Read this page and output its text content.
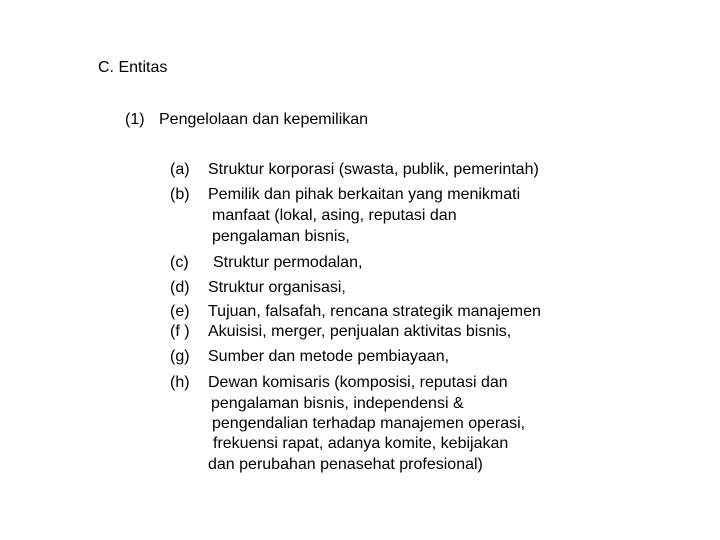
C. Entitas
(1) Pengelolaan dan kepemilikan
(a) Struktur korporasi (swasta, publik, pemerintah)
(b) Pemilik dan pihak berkaitan yang menikmati
manfaat (lokal, asing, reputasi dan
pengalaman bisnis,
(c) Struktur permodalan,
(d) Struktur organisasi,
(e) Tujuan, falsafah, rencana strategik manajemen
(f ) Akuisisi, merger, penjualan aktivitas bisnis,
(g) Sumber dan metode pembiayaan,
(h) Dewan komisaris (komposisi, reputasi dan
pengalaman bisnis, independensi &
pengendalian terhadap manajemen operasi,
frekuensi rapat, adanya komite, kebijakan
dan perubahan penasehat profesional)
